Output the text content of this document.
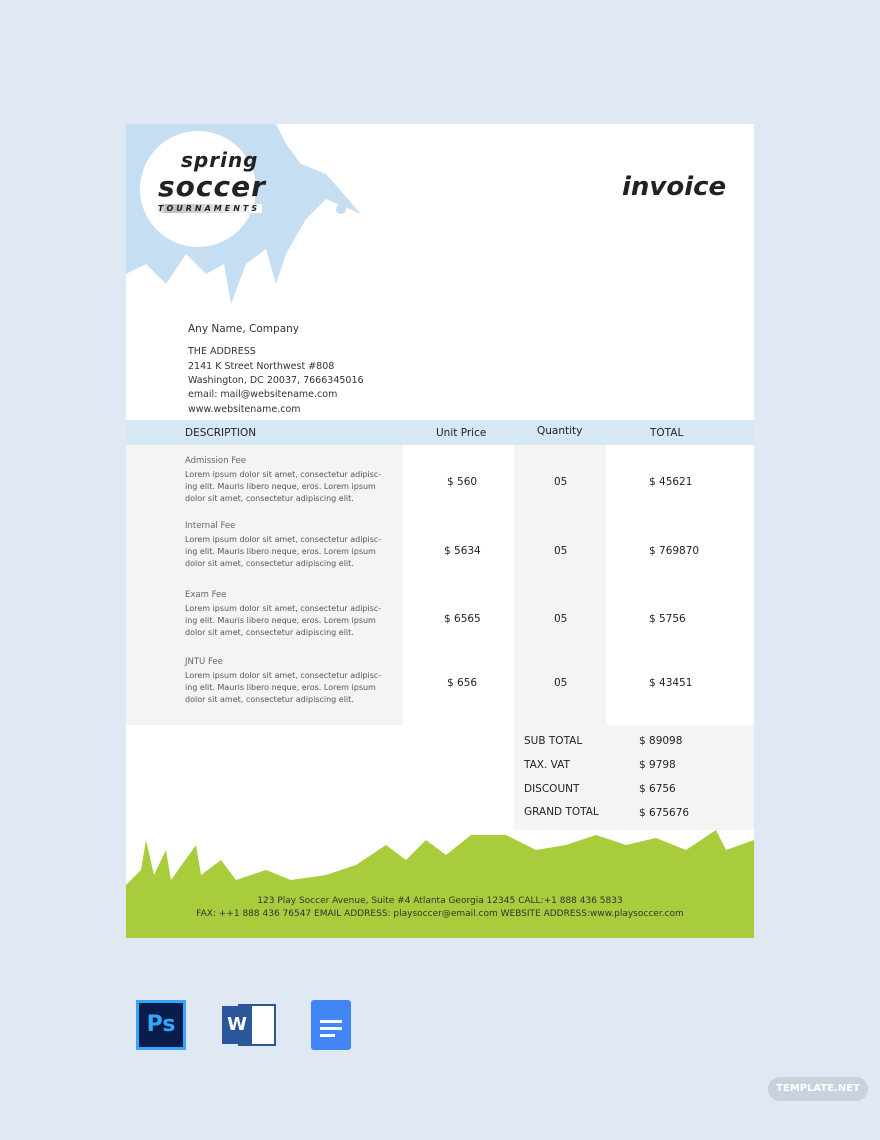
spring
soccer
TOURNAMENTS
invoice
Any Name, Company
THE ADDRESS
2141 K Street Northwest #808
Washington, DC 20037, 7666345016
email: mail@websitename.com
www.websitename.com
DESCRIPTION	Unit Price	Quantity	TOTAL
Admission Fee
Lorem ipsum dolor sit amet, consectetur adipisc-ing elit. Mauris libero neque, eros. Lorem ipsum dolor sit amet, consectetur adipiscing elit.
$ 560	05	$ 45621
Internal Fee
Lorem ipsum dolor sit amet, consectetur adipisc-ing elit. Mauris libero neque, eros. Lorem ipsum dolor sit amet, consectetur adipiscing elit.
$ 5634	05	$ 769870
Exam Fee
Lorem ipsum dolor sit amet, consectetur adipisc-ing elit. Mauris libero neque, eros. Lorem ipsum dolor sit amet, consectetur adipiscing elit.
$ 6565	05	$ 5756
JNTU Fee
Lorem ipsum dolor sit amet, consectetur adipisc-ing elit. Mauris libero neque, eros. Lorem ipsum dolor sit amet, consectetur adipiscing elit.
$ 656	05	$ 43451
SUB TOTAL	$ 89098
TAX. VAT	$ 9798
DISCOUNT	$ 6756
GRAND TOTAL	$ 675676
123 Play Soccer Avenue, Suite #4 Atlanta Georgia 12345 CALL:+1 888 436 5833
FAX: ++1 888 436 76547 EMAIL ADDRESS: playsoccer@email.com WEBSITE ADDRESS:www.playsoccer.com
Ps	W
TEMPLATE.NET
